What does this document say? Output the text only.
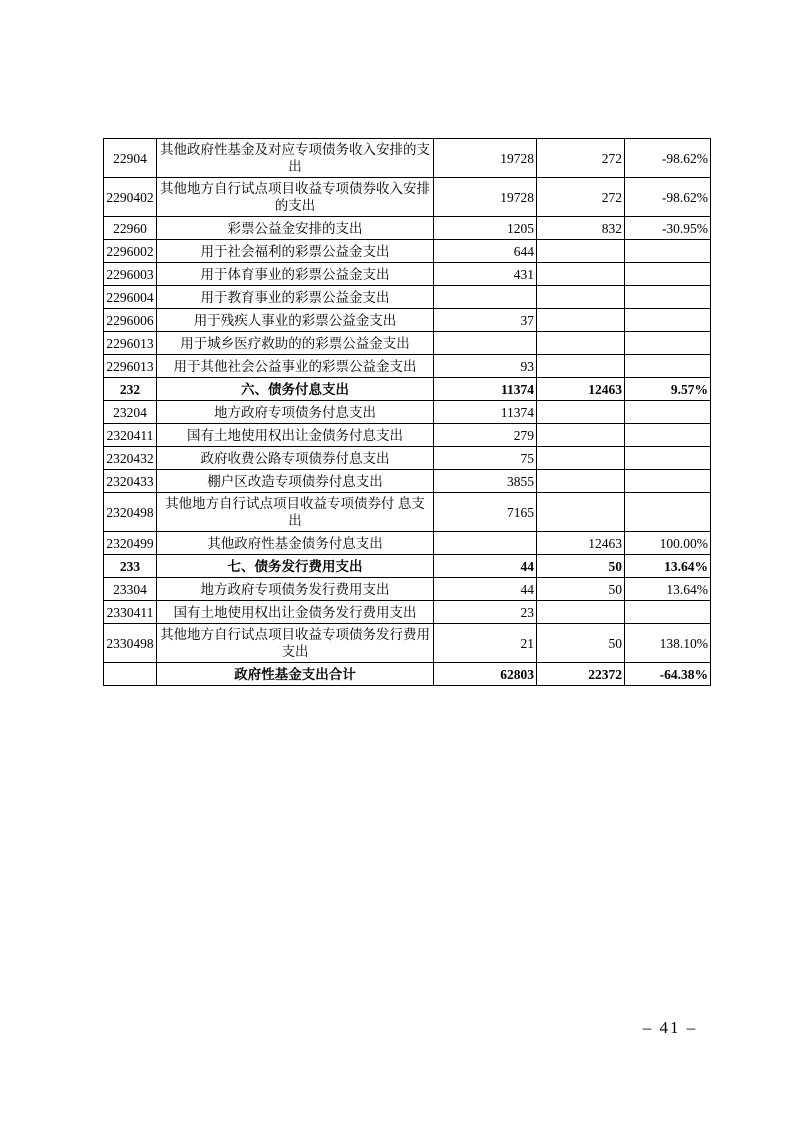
22904	其他政府性基金及对应专项债务收入安排的支出	19728	272	-98.62%
2290402	其他地方自行试点项目收益专项债券收入安排的支出	19728	272	-98.62%
22960	彩票公益金安排的支出	1205	832	-30.95%
2296002	用于社会福利的彩票公益金支出	644		
2296003	用于体育事业的彩票公益金支出	431		
2296004	用于教育事业的彩票公益金支出			
2296006	用于残疾人事业的彩票公益金支出	37		
2296013	用于城乡医疗救助的的彩票公益金支出			
2296013	用于其他社会公益事业的彩票公益金支出	93		
232	六、债务付息支出	11374	12463	9.57%
23204	地方政府专项债务付息支出	11374		
2320411	国有土地使用权出让金债务付息支出	279		
2320432	政府收费公路专项债券付息支出	75		
2320433	棚户区改造专项债券付息支出	3855		
2320498	其他地方自行试点项目收益专项债券付 息支出	7165		
2320499	其他政府性基金债务付息支出		12463	100.00%
233	七、债务发行费用支出	44	50	13.64%
23304	地方政府专项债务发行费用支出	44	50	13.64%
2330411	国有土地使用权出让金债务发行费用支出	23		
2330498	其他地方自行试点项目收益专项债务发行费用支出	21	50	138.10%
	政府性基金支出合计	62803	22372	-64.38%
– 41 –
